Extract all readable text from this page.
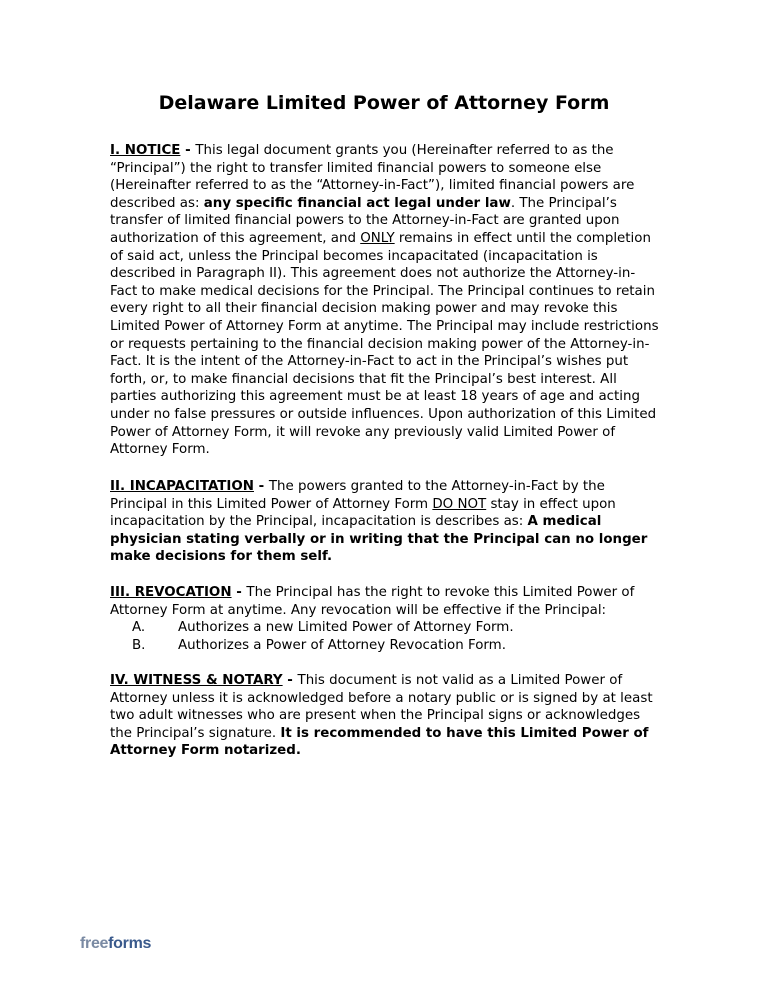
Delaware Limited Power of Attorney Form
I. NOTICE - This legal document grants you (Hereinafter referred to as the “Principal”) the right to transfer limited financial powers to someone else (Hereinafter referred to as the “Attorney-in-Fact”), limited financial powers are described as: any specific financial act legal under law. The Principal’s transfer of limited financial powers to the Attorney-in-Fact are granted upon authorization of this agreement, and ONLY remains in effect until the completion of said act, unless the Principal becomes incapacitated (incapacitation is described in Paragraph II). This agreement does not authorize the Attorney-in-Fact to make medical decisions for the Principal. The Principal continues to retain every right to all their financial decision making power and may revoke this Limited Power of Attorney Form at anytime. The Principal may include restrictions or requests pertaining to the financial decision making power of the Attorney-in-Fact. It is the intent of the Attorney-in-Fact to act in the Principal’s wishes put forth, or, to make financial decisions that fit the Principal’s best interest. All parties authorizing this agreement must be at least 18 years of age and acting under no false pressures or outside influences. Upon authorization of this Limited Power of Attorney Form, it will revoke any previously valid Limited Power of Attorney Form.
II. INCAPACITATION - The powers granted to the Attorney-in-Fact by the Principal in this Limited Power of Attorney Form DO NOT stay in effect upon incapacitation by the Principal, incapacitation is describes as: A medical physician stating verbally or in writing that the Principal can no longer make decisions for them self.
III. REVOCATION - The Principal has the right to revoke this Limited Power of Attorney Form at anytime. Any revocation will be effective if the Principal:
A. Authorizes a new Limited Power of Attorney Form.
B. Authorizes a Power of Attorney Revocation Form.
IV. WITNESS & NOTARY - This document is not valid as a Limited Power of Attorney unless it is acknowledged before a notary public or is signed by at least two adult witnesses who are present when the Principal signs or acknowledges the Principal’s signature. It is recommended to have this Limited Power of Attorney Form notarized.
freeforms
